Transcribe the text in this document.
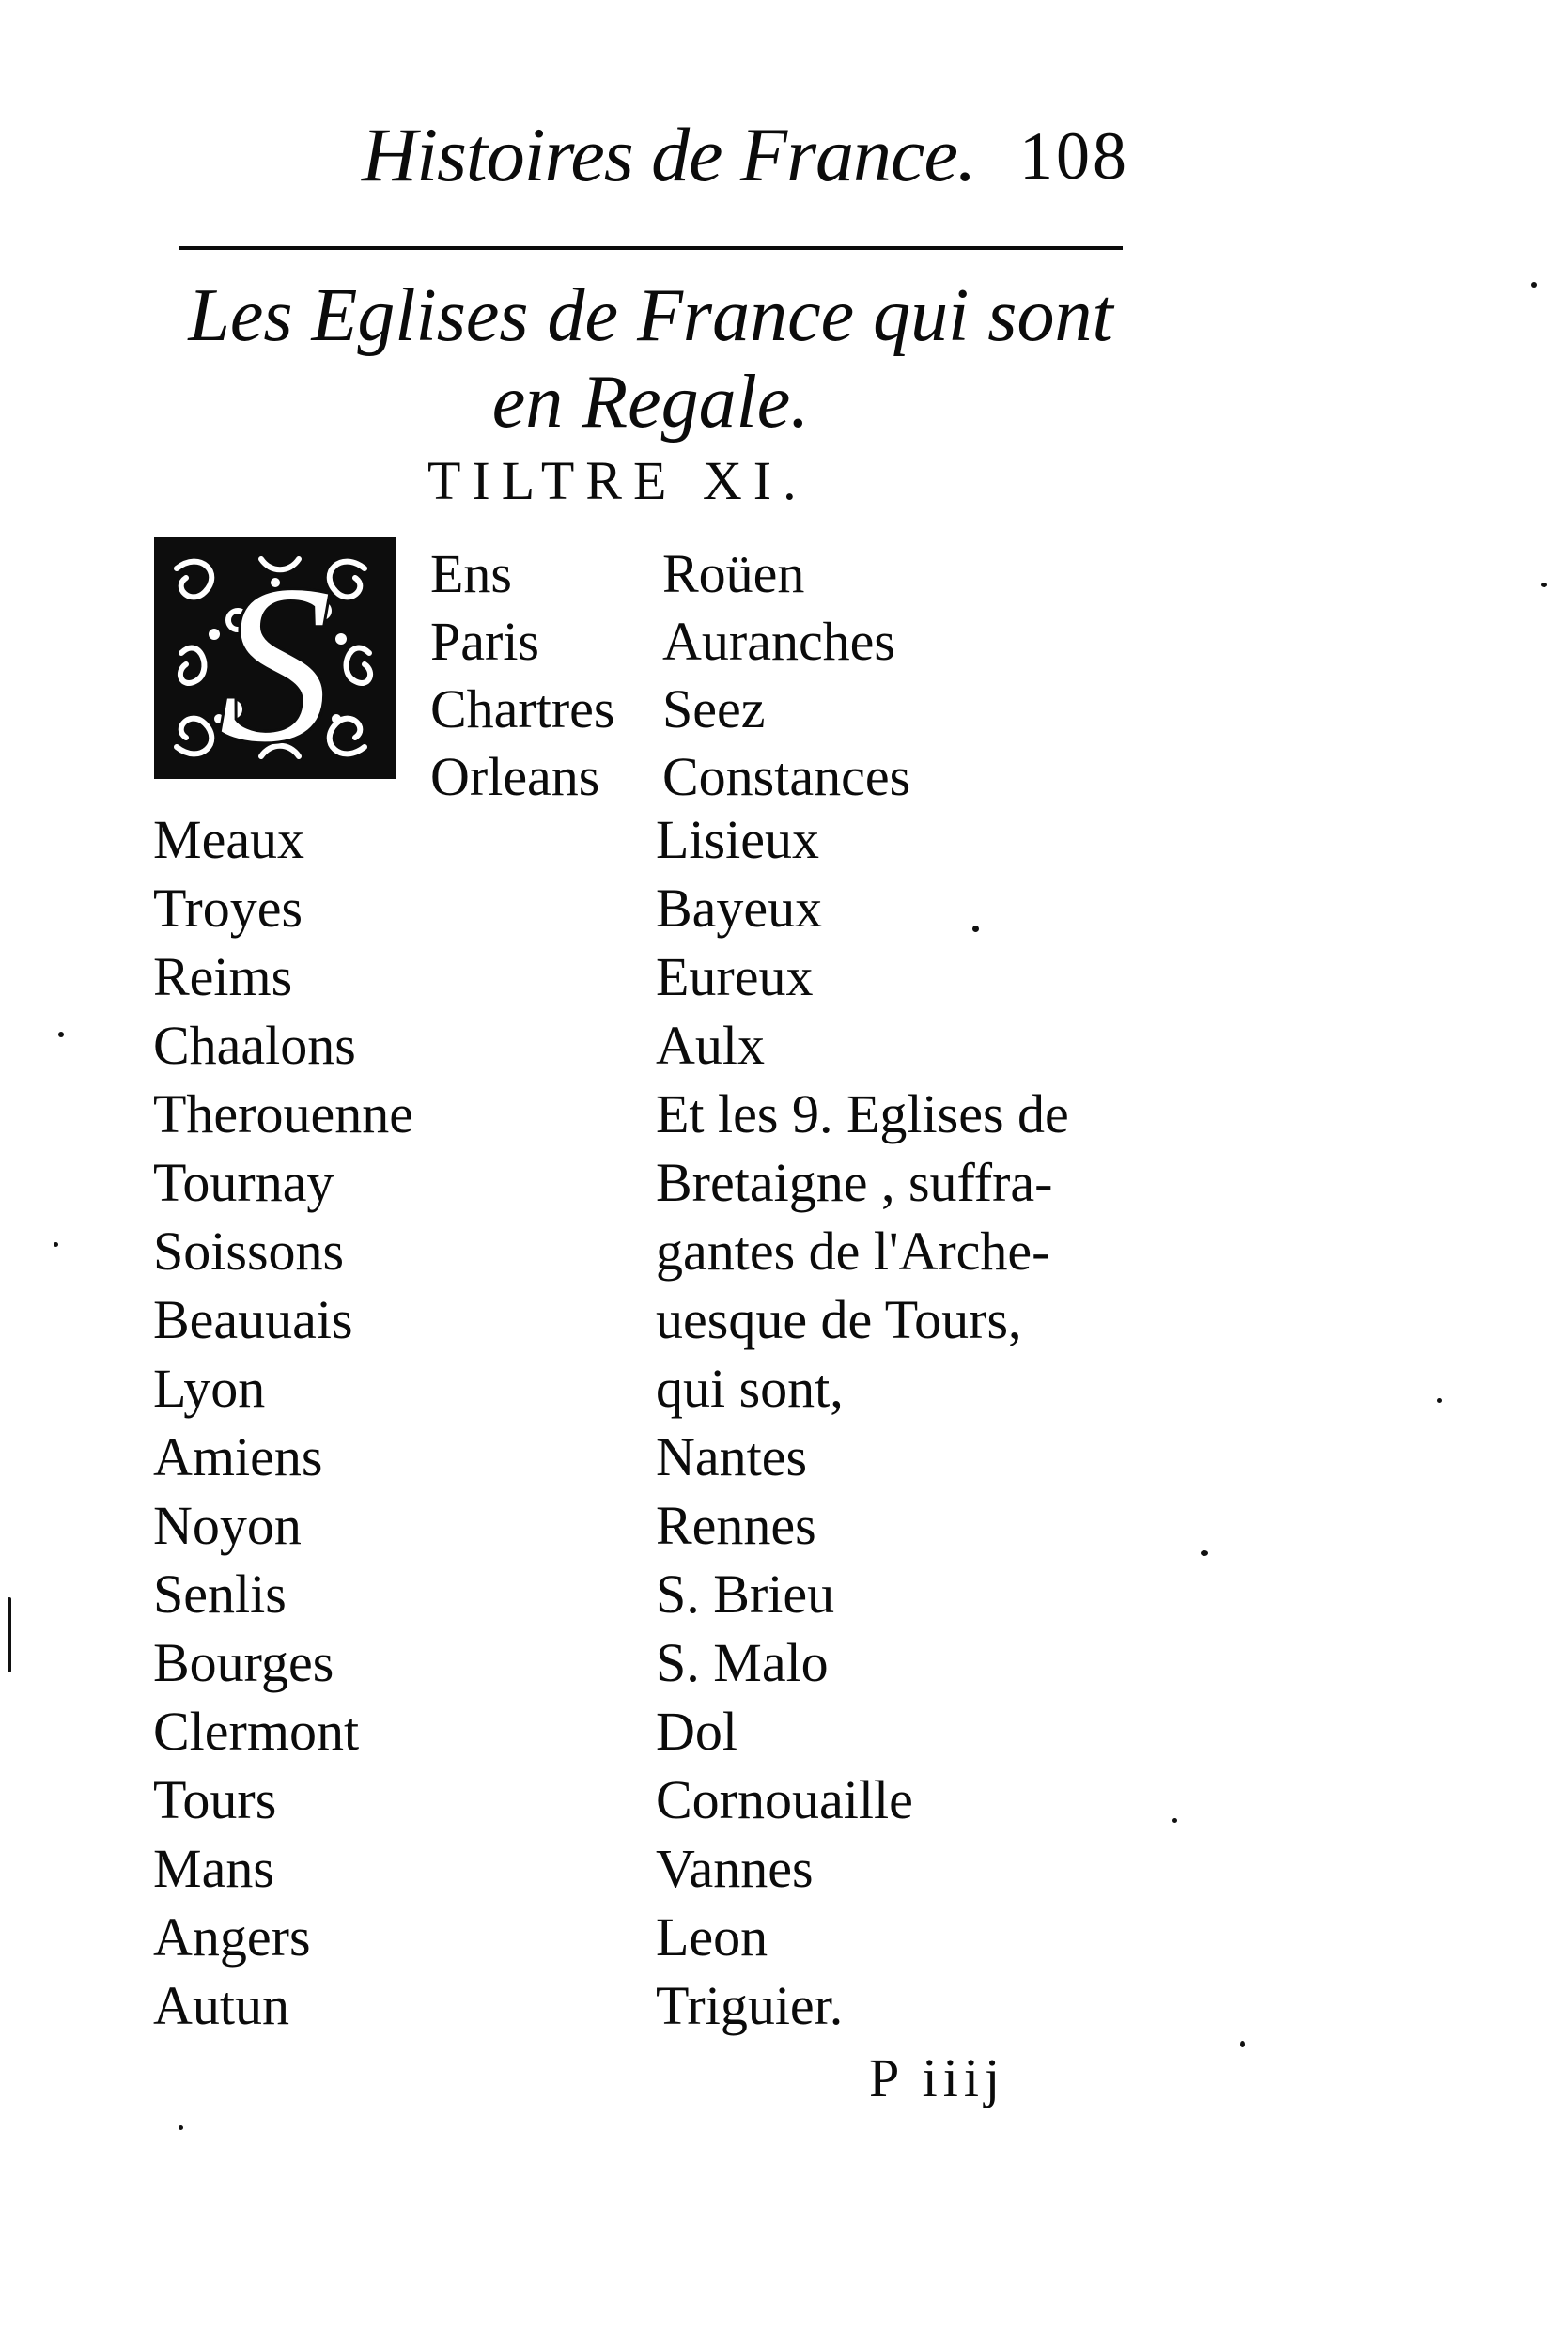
Histoires de France. 108
Les Eglises de France qui sont
en Regale.
TILTRE XI.
S Ens
Paris
Chartres
Orleans
Roüen
Auranches
Seez
Constances
Meaux
Troyes
Reims
Chaalons
Therouenne
Tournay
Soissons
Beauuais
Lyon
Amiens
Noyon
Senlis
Bourges
Clermont
Tours
Mans
Angers
Autun
Lisieux
Bayeux
Eureux
Aulx
Et les 9. Eglises de
Bretaigne , suffra-
gantes de l'Arche-
uesque de Tours,
qui sont,
Nantes
Rennes
S. Brieu
S. Malo
Dol
Cornouaille
Vannes
Leon
Triguier.
P iiij
